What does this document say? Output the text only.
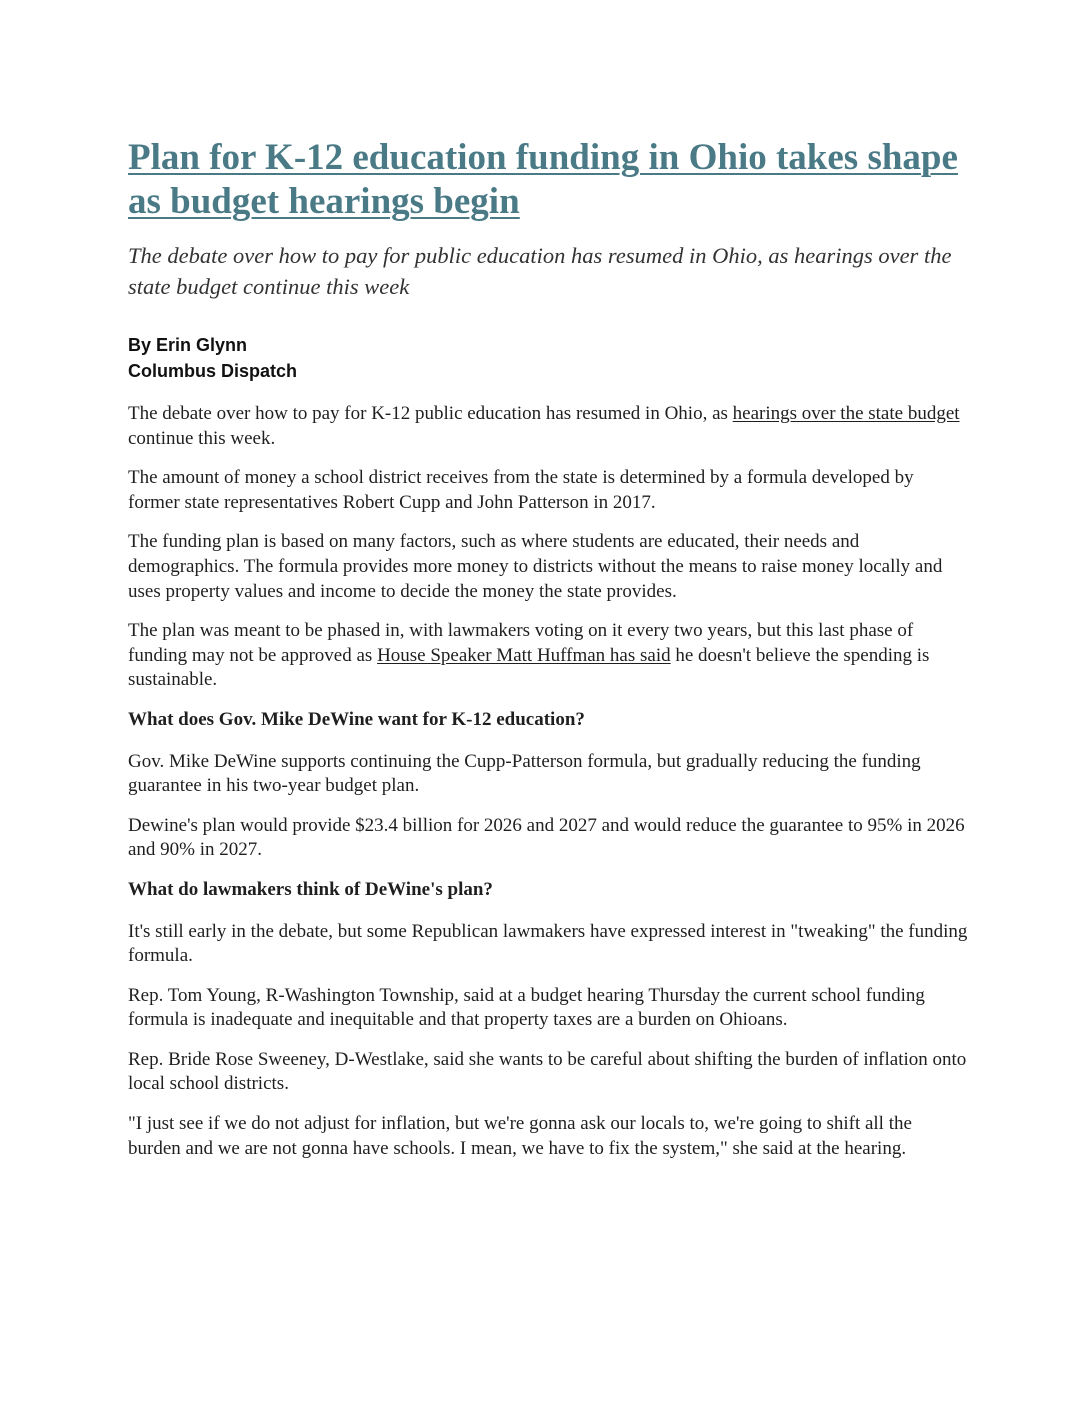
Plan for K-12 education funding in Ohio takes shape as budget hearings begin

The debate over how to pay for public education has resumed in Ohio, as hearings over the state budget continue this week

By Erin Glynn
Columbus Dispatch

The debate over how to pay for K-12 public education has resumed in Ohio, as hearings over the state budget continue this week.

The amount of money a school district receives from the state is determined by a formula developed by former state representatives Robert Cupp and John Patterson in 2017.

The funding plan is based on many factors, such as where students are educated, their needs and demographics. The formula provides more money to districts without the means to raise money locally and uses property values and income to decide the money the state provides.

The plan was meant to be phased in, with lawmakers voting on it every two years, but this last phase of funding may not be approved as House Speaker Matt Huffman has said he doesn't believe the spending is sustainable.

What does Gov. Mike DeWine want for K-12 education?

Gov. Mike DeWine supports continuing the Cupp-Patterson formula, but gradually reducing the funding guarantee in his two-year budget plan.

Dewine's plan would provide $23.4 billion for 2026 and 2027 and would reduce the guarantee to 95% in 2026 and 90% in 2027.

What do lawmakers think of DeWine's plan?

It's still early in the debate, but some Republican lawmakers have expressed interest in "tweaking" the funding formula.

Rep. Tom Young, R-Washington Township, said at a budget hearing Thursday the current school funding formula is inadequate and inequitable and that property taxes are a burden on Ohioans.

Rep. Bride Rose Sweeney, D-Westlake, said she wants to be careful about shifting the burden of inflation onto local school districts.

"I just see if we do not adjust for inflation, but we're gonna ask our locals to, we're going to shift all the burden and we are not gonna have schools. I mean, we have to fix the system," she said at the hearing.
